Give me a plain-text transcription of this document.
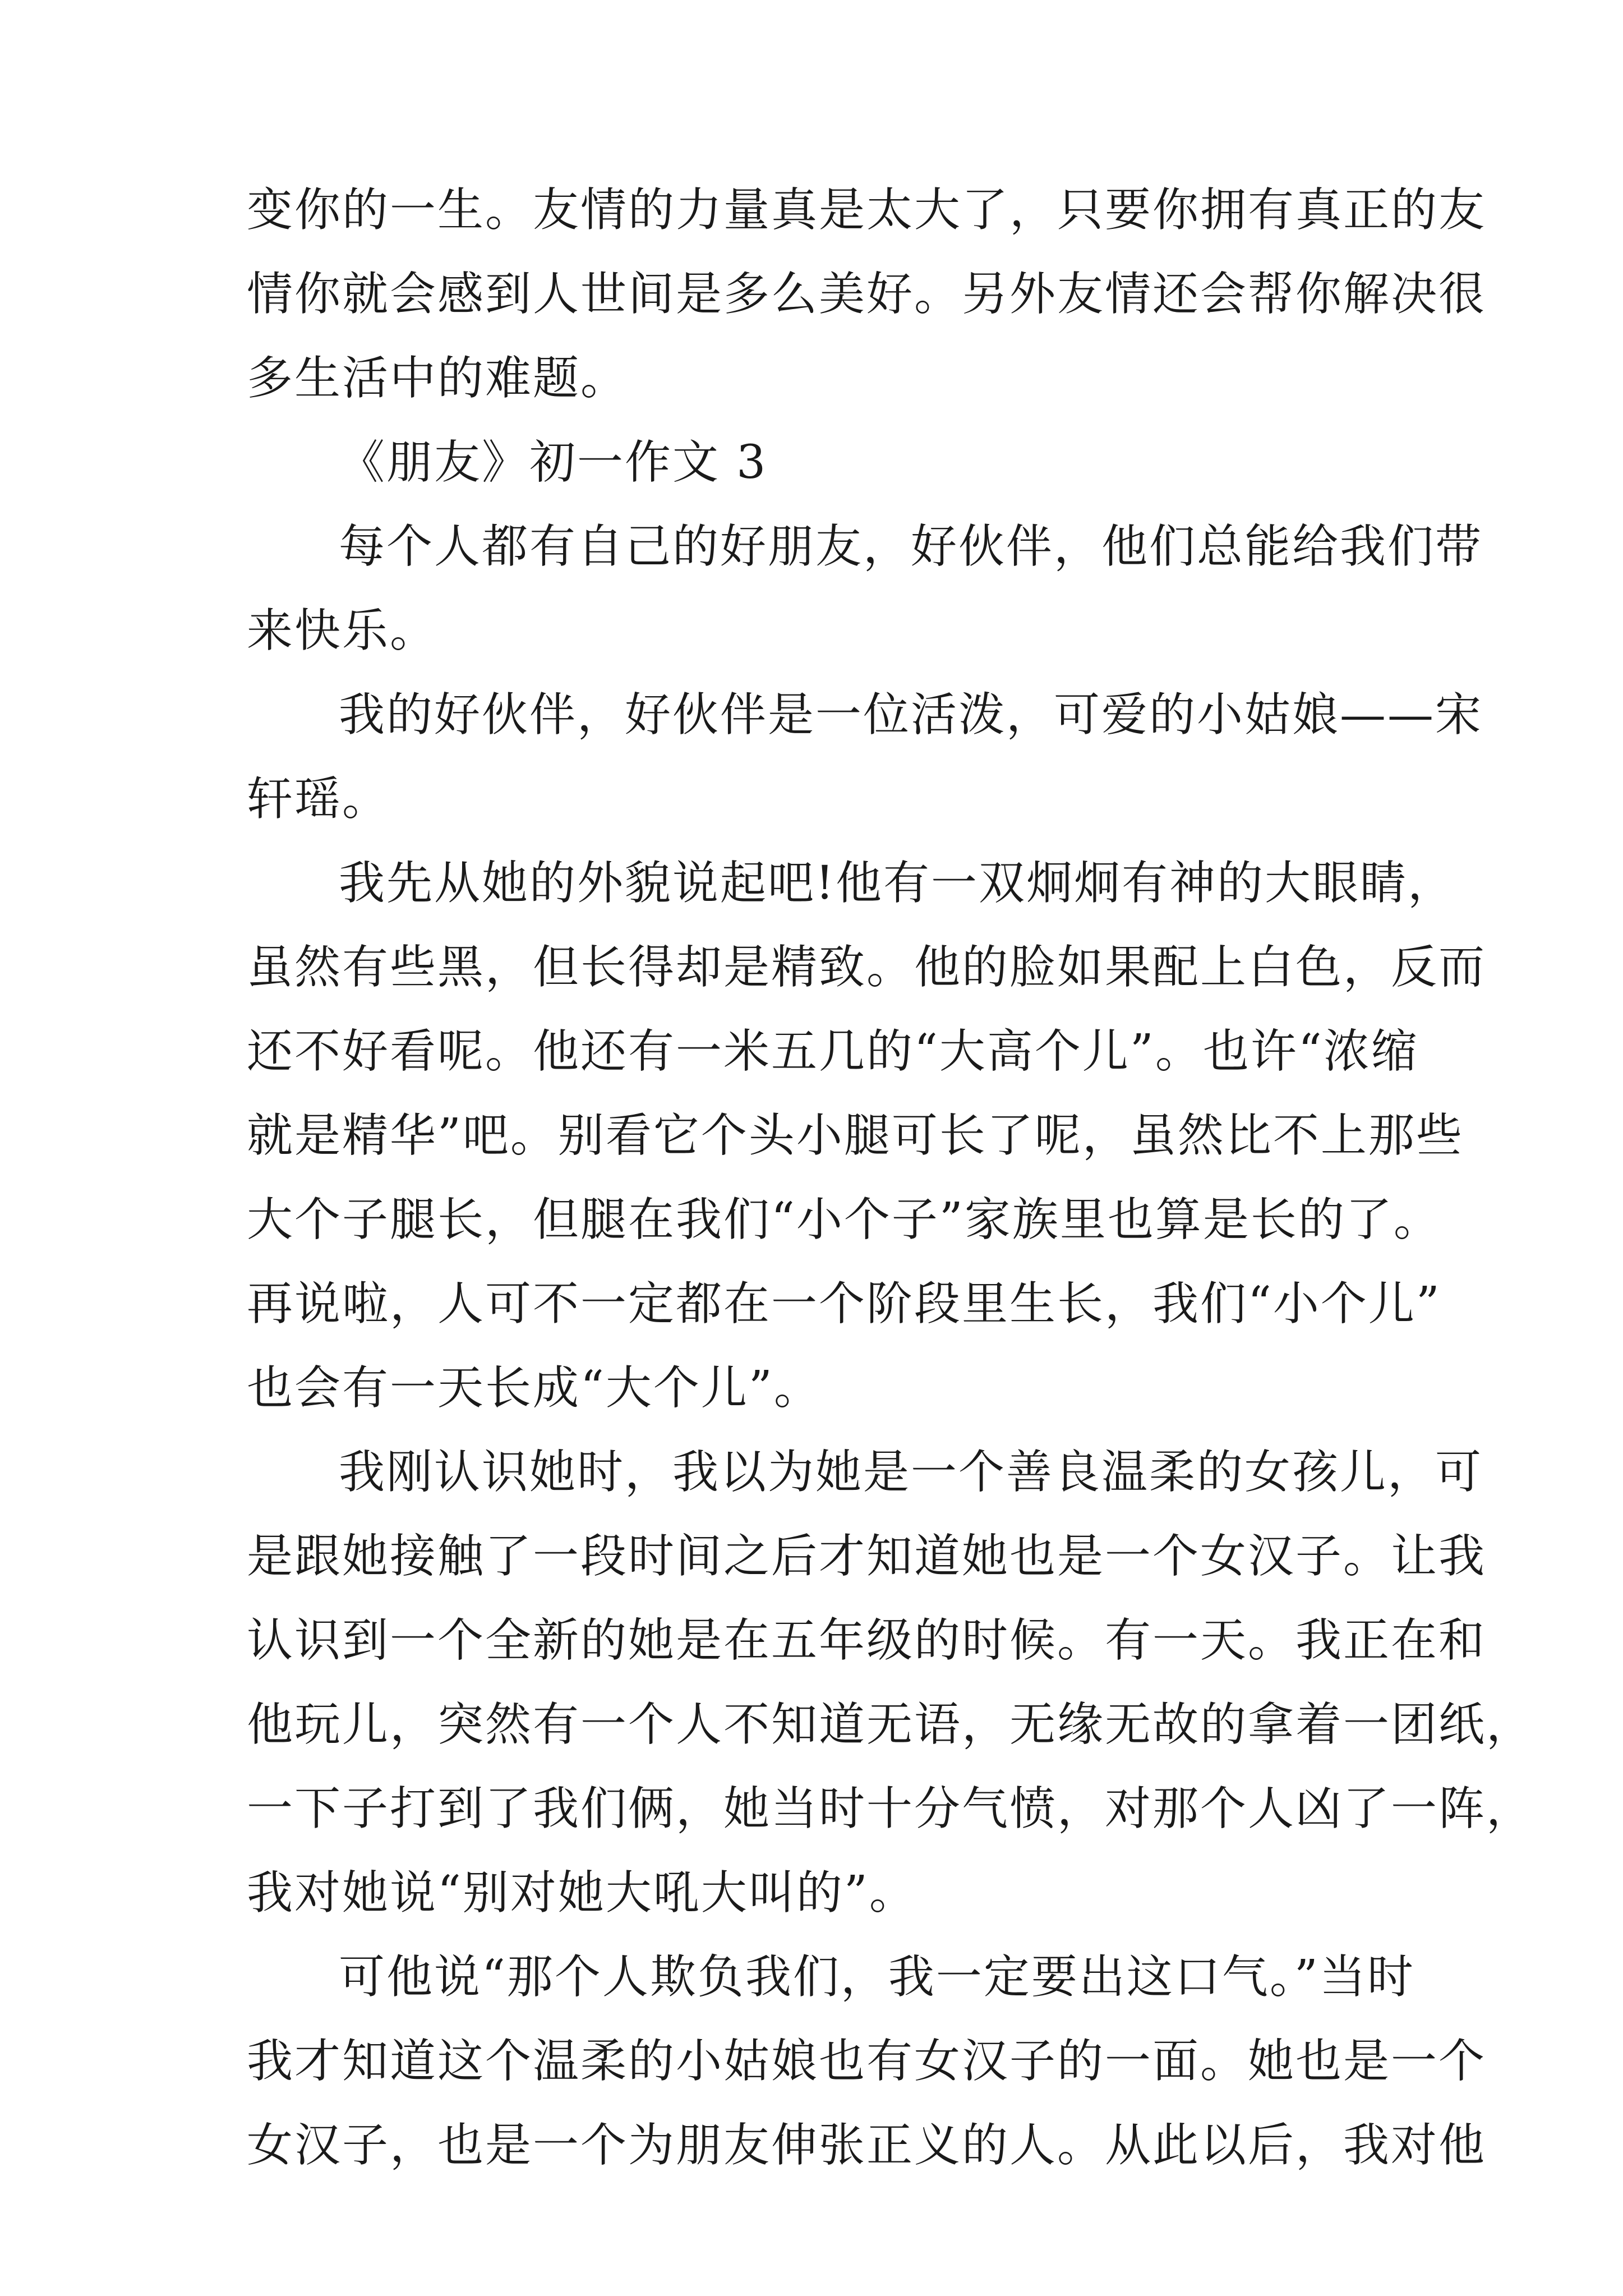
变你的一生。友情的力量真是太大了，只要你拥有真正的友
情你就会感到人世间是多么美好。另外友情还会帮你解决很
多生活中的难题。
《朋友》初一作文 3
每个人都有自己的好朋友，好伙伴，他们总能给我们带
来快乐。
我的好伙伴，好伙伴是一位活泼，可爱的小姑娘——宋
轩瑶。
我先从她的外貌说起吧!他有一双炯炯有神的大眼睛，
虽然有些黑，但长得却是精致。他的脸如果配上白色，反而
还不好看呢。他还有一米五几的“大高个儿”。也许“浓缩
就是精华”吧。别看它个头小腿可长了呢，虽然比不上那些
大个子腿长，但腿在我们“小个子”家族里也算是长的了。
再说啦，人可不一定都在一个阶段里生长，我们“小个儿”
也会有一天长成“大个儿”。
我刚认识她时，我以为她是一个善良温柔的女孩儿，可
是跟她接触了一段时间之后才知道她也是一个女汉子。让我
认识到一个全新的她是在五年级的时候。有一天。我正在和
他玩儿，突然有一个人不知道无语，无缘无故的拿着一团纸，
一下子打到了我们俩，她当时十分气愤，对那个人凶了一阵，
我对她说“别对她大吼大叫的”。
可他说“那个人欺负我们，我一定要出这口气。”当时
我才知道这个温柔的小姑娘也有女汉子的一面。她也是一个
女汉子，也是一个为朋友伸张正义的人。从此以后，我对他
